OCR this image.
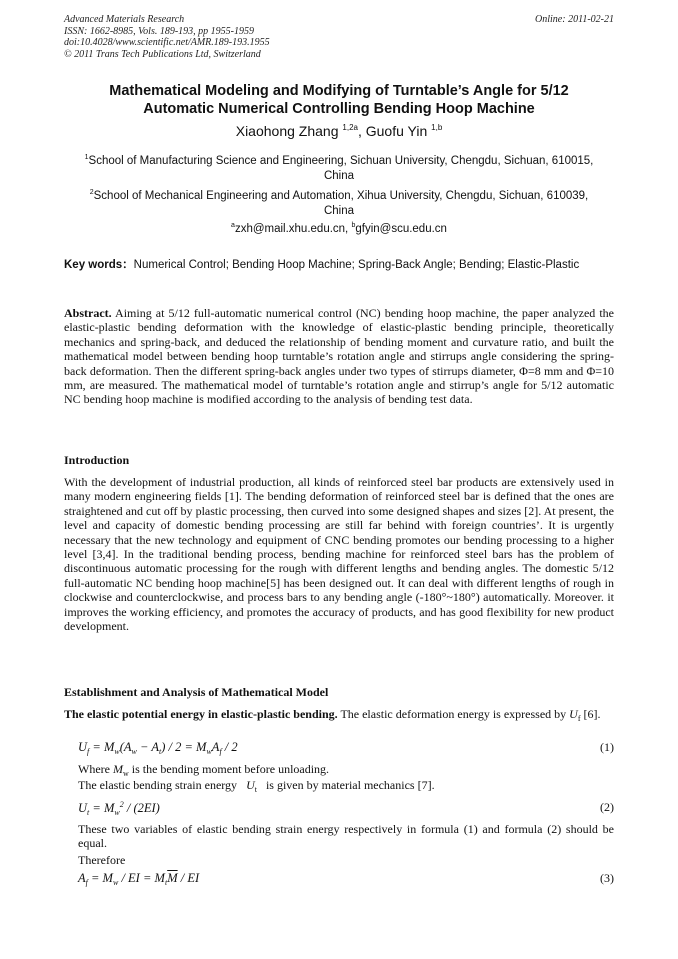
Advanced Materials Research
ISSN: 1662-8985, Vols. 189-193, pp 1955-1959
doi:10.4028/www.scientific.net/AMR.189-193.1955
© 2011 Trans Tech Publications Ltd, Switzerland
Online: 2011-02-21
Mathematical Modeling and Modifying of Turntable’s Angle for 5/12
Automatic Numerical Controlling Bending Hoop Machine
Xiaohong Zhang $^{1,2a}$, Guofu Yin $^{1,b}$
$^1$School of Manufacturing Science and Engineering, Sichuan University, Chengdu, Sichuan, 610015,
China
$^2$School of Mechanical Engineering and Automation, Xihua University, Chengdu, Sichuan, 610039,
China
$^a$zxh@mail.xhu.edu.cn, $^b$gfyin@scu.edu.cn
Key words：Numerical Control; Bending Hoop Machine; Spring-Back Angle; Bending; Elastic-Plastic
Abstract. Aiming at 5/12 full-automatic numerical control (NC) bending hoop machine, the paper analyzed the elastic-plastic bending deformation with the knowledge of elastic-plastic bending principle, theoretically mechanics and spring-back, and deduced the relationship of bending moment and curvature ratio, and built the mathematical model between bending hoop turntable’s rotation angle and stirrups angle considering the spring-back deformation. Then the different spring-back angles under two types of stirrups diameter, Φ=8 mm and Φ=10 mm, are measured. The mathematical model of turntable’s rotation angle and stirrup’s angle for 5/12 automatic NC bending hoop machine is modified according to the analysis of bending test data.
Introduction
With the development of industrial production, all kinds of reinforced steel bar products are extensively used in many modern engineering fields [1]. The bending deformation of reinforced steel bar is defined that the ones are straightened and cut off by plastic processing, then curved into some designed shapes and sizes [2]. At present, the level and capacity of domestic bending processing are still far behind with foreign countries’. It is urgently necessary that the new technology and equipment of CNC bending promotes our bending processing to a higher level [3,4]. In the traditional bending process, bending machine for reinforced steel bars has the problem of discontinuous automatic processing for the rough with different lengths and bending angles. The domestic 5/12 full-automatic NC bending hoop machine[5] has been designed out. It can deal with different lengths of rough in clockwise and counterclockwise, and process bars to any bending angle (-180°~180°) automatically. Moreover. it improves the working efficiency, and promotes the accuracy of products, and has good flexibility for new product development.
Establishment and Analysis of Mathematical Model
The elastic potential energy in elastic-plastic bending. The elastic deformation energy is expressed by $U_f$ [6].
$U_f = M_w(A_w - A_t) / 2 = M_wA_f / 2$	(1)
Where $M_w$ is the bending moment before unloading.
The elastic bending strain energy $U_t$ is given by material mechanics [7].
$U_t = M_w^2 / (2EI)$	(2)
These two variables of elastic bending strain energy respectively in formula (1) and formula (2) should be equal.
Therefore
$A_f = M_w$ / EI = $M_t\overline{M}$ / EI	(3)
